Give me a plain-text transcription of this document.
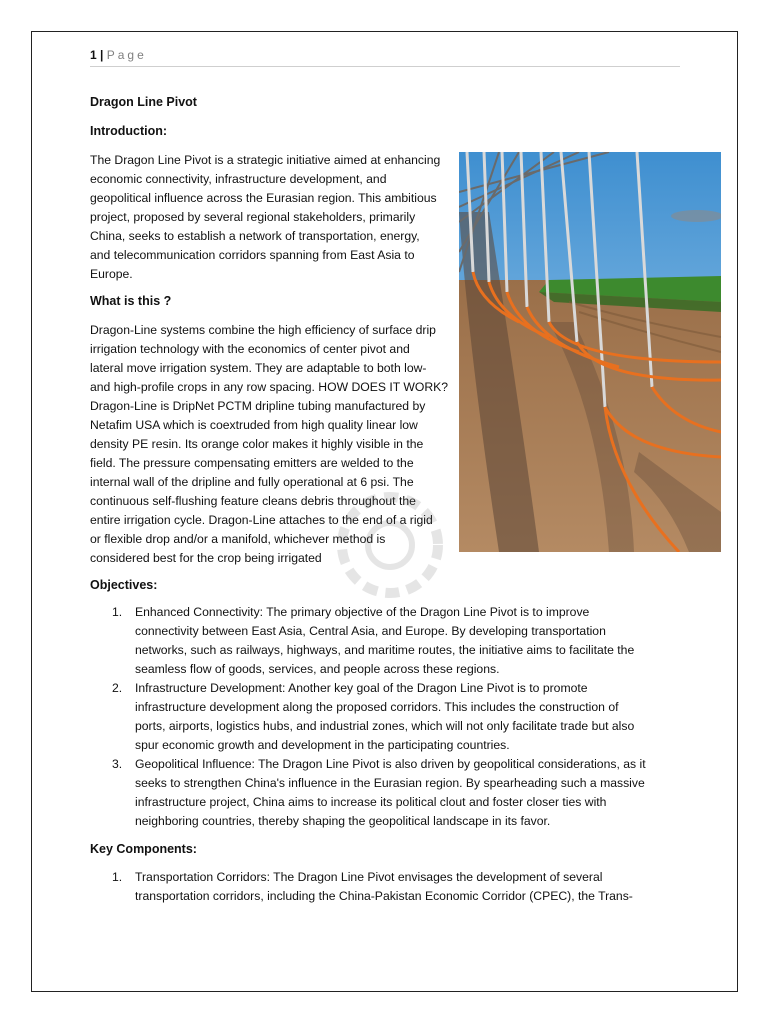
1 | Page
Dragon Line Pivot
Introduction:
The Dragon Line Pivot is a strategic initiative aimed at enhancing
economic connectivity, infrastructure development, and
geopolitical influence across the Eurasian region. This ambitious
project, proposed by several regional stakeholders, primarily
China, seeks to establish a network of transportation, energy,
and telecommunication corridors spanning from East Asia to
Europe.
What is this ?
Dragon-Line systems combine the high efficiency of surface drip
irrigation technology with the economics of center pivot and
lateral move irrigation system. They are adaptable to both low-
and high-profile crops in any row spacing. HOW DOES IT WORK?
Dragon-Line is DripNet PCTM dripline tubing manufactured by
Netafim USA which is coextruded from high quality linear low
density PE resin. Its orange color makes it highly visible in the
field. The pressure compensating emitters are welded to the
internal wall of the dripline and fully operational at 6 psi. The
continuous self-flushing feature cleans debris throughout the
entire irrigation cycle. Dragon-Line attaches to the end of a rigid
or flexible drop and/or a manifold, whichever method is
considered best for the crop being irrigated
Objectives:
1. Enhanced Connectivity: The primary objective of the Dragon Line Pivot is to improve
connectivity between East Asia, Central Asia, and Europe. By developing transportation
networks, such as railways, highways, and maritime routes, the initiative aims to facilitate the
seamless flow of goods, services, and people across these regions.
2. Infrastructure Development: Another key goal of the Dragon Line Pivot is to promote
infrastructure development along the proposed corridors. This includes the construction of
ports, airports, logistics hubs, and industrial zones, which will not only facilitate trade but also
spur economic growth and development in the participating countries.
3. Geopolitical Influence: The Dragon Line Pivot is also driven by geopolitical considerations, as it
seeks to strengthen China's influence in the Eurasian region. By spearheading such a massive
infrastructure project, China aims to increase its political clout and foster closer ties with
neighboring countries, thereby shaping the geopolitical landscape in its favor.
Key Components:
1. Transportation Corridors: The Dragon Line Pivot envisages the development of several
transportation corridors, including the China-Pakistan Economic Corridor (CPEC), the Trans-
